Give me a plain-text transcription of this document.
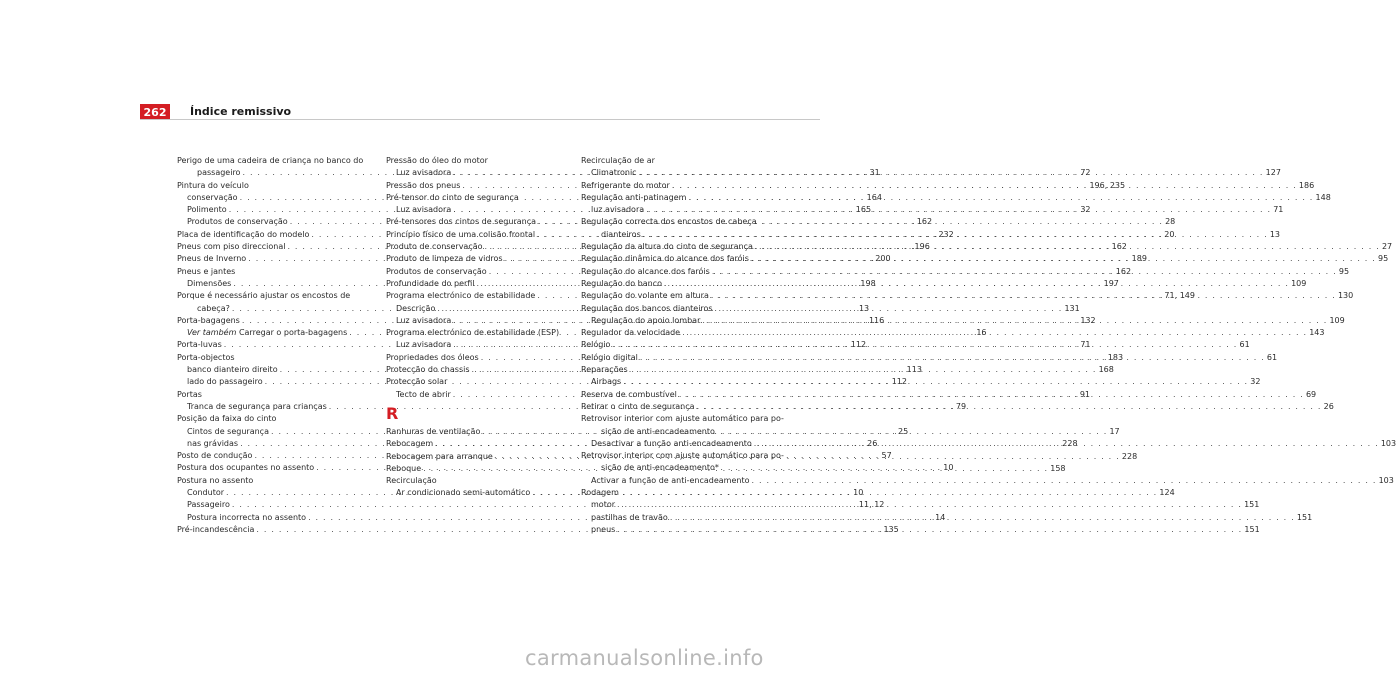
262	Índice remissivo
Perigo de uma cadeira de criança no banco do
passageiro . . .	31
Pintura do veículo
conservação . . .	164
Polimento . . .	165
Produtos de conservação . . .	162
Placa de identificação do modelo . . .	232
Pneus com piso direccional . . .	196
Pneus de Inverno . . .	200
Pneus e jantes
Dimensões . . .	198
Porque é necessário ajustar os encostos de
cabeça? . . .	13
Porta-bagagens . . .	116
Ver também Carregar o porta-bagagens . . .	16
Porta-luvas . . .	112
Porta-objectos
banco dianteiro direito . . .	113
lado do passageiro . . .	112
Portas
Tranca de segurança para crianças . . .	79
Posição da faixa do cinto
Cintos de segurança . . .	25
nas grávidas . . .	26
Posto de condução . . .	57
Postura dos ocupantes no assento . . .	10
Postura no assento
Condutor . . .	10
Passageiro . . .	11, 12
Postura incorrecta no assento . . .	14
Pré-incandescência . . .	135
Pressão do óleo do motor
Luz avisadora . . .	72
Pressão dos pneus . . .	196, 235
Pré-tensor do cinto de segurança
Luz avisadora . . .	32
Pré-tensores dos cintos de segurança . . .	28
Princípio físico de uma colisão frontal . . .	20
Produto de conservação . . .	162
Produto de limpeza de vidros . . .	189
Produtos de conservação . . .	162
Profundidade do perfil . . .	197
Programa electrónico de estabilidade . . .	71, 149
Descrição . . .	131
Luz avisadora . . .	132
Programa electrónico de estabilidade (ESP)
Luz avisadora . . .	71
Propriedades dos óleos . . .	183
Protecção do chassis . . .	168
Protecção solar
Tecto de abrir . . .	91
R
Ranhuras de ventilação . . .	17
Rebocagem . . .	228
Rebocagem para arranque . . .	228
Reboque . . .	158
Recirculação
Ar condicionado semi-automático . . .	124
Recirculação de ar
Climatronic . . .	127
Refrigerante do motor . . .	186
Regulação anti-patinagem . . .	148
luz avisadora . . .	71
Regulação correcta dos encostos de cabeça
dianteiros . . .	13
Regulação da altura do cinto de segurança . . .	27
Regulação dinâmica do alcance dos faróis . . .	95
Regulação do alcance dos faróis . . .	95
Regulação do banco . . .	109
Regulação do volante em altura . . .	130
Regulação dos bancos dianteiros
Regulação do apoio lombar . . .	109
Regulador da velocidade . . .	143
Relógio . . .	61
Relógio digital . . .	61
Reparações
Airbags . . .	32
Reserva de combustível . . .	69
Retirar o cinto de segurança . . .	26
Retrovisor interior com ajuste automático para po-
sição de anti-encadeamento
Desactivar a função anti-encadeamento . . .	103
Retrovisor interior com ajuste automático para po-
sição de anti-encadeamento*
Activar a função de anti-encadeamento . . .	103
Rodagem
motor . . .	151
pastilhas de travão . . .	151
pneus . . .	151
carmanualsonline.info
